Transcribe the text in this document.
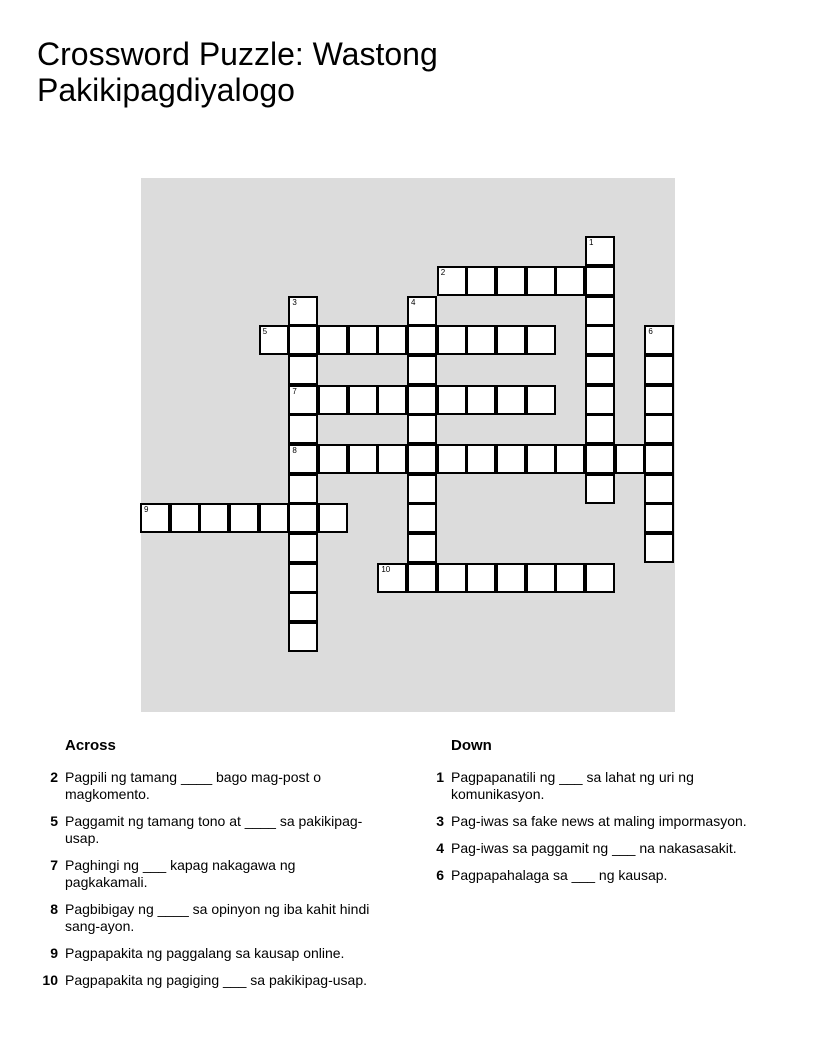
Crossword Puzzle: Wastong Pakikipagdiyalogo
1
2
3
7
8
4
5	6
9
10
Across
2 Pagpili ng tamang ____ bago mag-post o magkomento.
5 Paggamit ng tamang tono at ____ sa pakikipag-usap.
7 Paghingi ng ___ kapag nakagawa ng pagkakamali.
8 Pagbibigay ng ____ sa opinyon ng iba kahit hindi sang-ayon.
9 Pagpapakita ng paggalang sa kausap online.
10 Pagpapakita ng pagiging ___ sa pakikipag-usap.
Down
1 Pagpapanatili ng ___ sa lahat ng uri ng komunikasyon.
3 Pag-iwas sa fake news at maling impormasyon.
4 Pag-iwas sa paggamit ng ___ na nakasasakit.
6 Pagpapahalaga sa ___ ng kausap.
